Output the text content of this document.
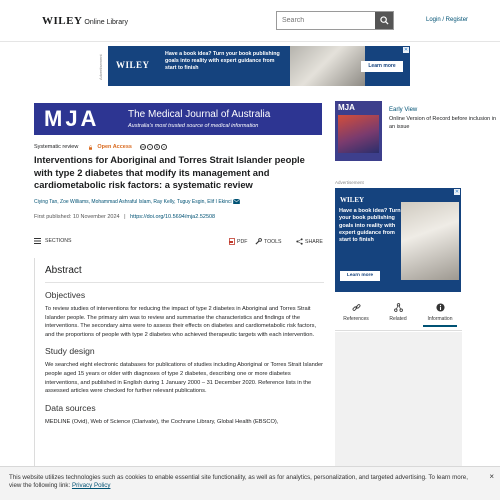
WILEY Online Library
Search	Login / Register
Advertisement	WILEY
Have a book idea? Turn your book publishing goals into reality with expert guidance from start to finish	Learn more
✕
MJA	The Medical Journal of Australia
Australia's most trusted source of medical information
MJA	Early View
Online Version of Record before inclusion in an issue
Systematic review	Open Access	cc	i	$	=
Interventions for Aboriginal and Torres Strait Islander people with type 2 diabetes that modify its management and cardiometabolic risk factors: a systematic review
Ciying Tan, Zoe Williams, Mohammad Ashraful Islam, Ray Kelly, Tuguy Esgin, Elif I Ekinci
First published: 10 November 2024 | https://doi.org/10.5694/mja2.52508
SECTIONS	PDF	TOOLS	SHARE
Advertisement
WILEY
Have a book idea? Turn your book publishing goals into reality with expert guidance from start to finish
Learn more
✕
References	Related	Information
Abstract
Objectives
To review studies of interventions for reducing the impact of type 2 diabetes in Aboriginal and Torres Strait Islander people. The primary aim was to review and summarise the characteristics and findings of the interventions. The secondary aims were to assess their effects on diabetes and cardiometabolic risk factors, and the proportions of people with type 2 diabetes who achieved therapeutic targets with each intervention.
Study design
We searched eight electronic databases for publications of studies including Aboriginal or Torres Strait Islander people aged 15 years or older with diagnoses of type 2 diabetes, describing one or more diabetes interventions, and published in English during 1 January 2000 – 31 December 2020. Reference lists in the assessed articles were checked for further relevant publications.
Data sources
MEDLINE (Ovid), Web of Science (Clarivate), the Cochrane Library, Global Health (EBSCO),
This website utilizes technologies such as cookies to enable essential site functionality, as well as for analytics, personalization, and targeted advertising. To learn more, view the following link: Privacy Policy
×
